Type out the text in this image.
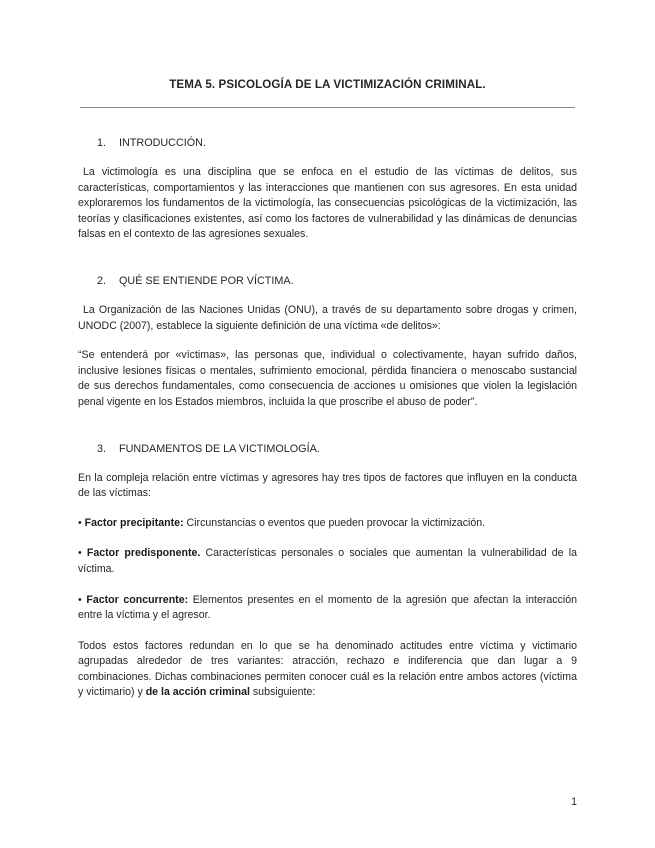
TEMA 5. PSICOLOGÍA DE LA VICTIMIZACIÓN CRIMINAL.
1. INTRODUCCIÓN.

La victimología es una disciplina que se enfoca en el estudio de las víctimas de delitos, sus características, comportamientos y las interacciones que mantienen con sus agresores. En esta unidad exploraremos los fundamentos de la victimología, las consecuencias psicológicas de la victimización, las teorías y clasificaciones existentes, así como los factores de vulnerabilidad y las dinámicas de denuncias falsas en el contexto de las agresiones sexuales.

2. QUÉ SE ENTIENDE POR VÍCTIMA.

La Organización de las Naciones Unidas (ONU), a través de su departamento sobre drogas y crimen, UNODC (2007), establece la siguiente definición de una víctima «de delitos»:

“Se entenderá por «víctimas», las personas que, individual o colectivamente, hayan sufrido daños, inclusive lesiones físicas o mentales, sufrimiento emocional, pérdida financiera o menoscabo sustancial de sus derechos fundamentales, como consecuencia de acciones u omisiones que violen la legislación penal vigente en los Estados miembros, incluida la que proscribe el abuso de poder”.

3. FUNDAMENTOS DE LA VICTIMOLOGÍA.

En la compleja relación entre víctimas y agresores hay tres tipos de factores que influyen en la conducta de las víctimas:

• Factor precipitante: Circunstancias o eventos que pueden provocar la victimización.

• Factor predisponente. Características personales o sociales que aumentan la vulnerabilidad de la víctima.

• Factor concurrente: Elementos presentes en el momento de la agresión que afectan la interacción entre la víctima y el agresor.

Todos estos factores redundan en lo que se ha denominado actitudes entre víctima y victimario agrupadas alrededor de tres variantes: atracción, rechazo e indiferencia que dan lugar a 9 combinaciones. Dichas combinaciones permiten conocer cuál es la relación entre ambos actores (víctima y victimario) y de la acción criminal subsiguiente:

1
